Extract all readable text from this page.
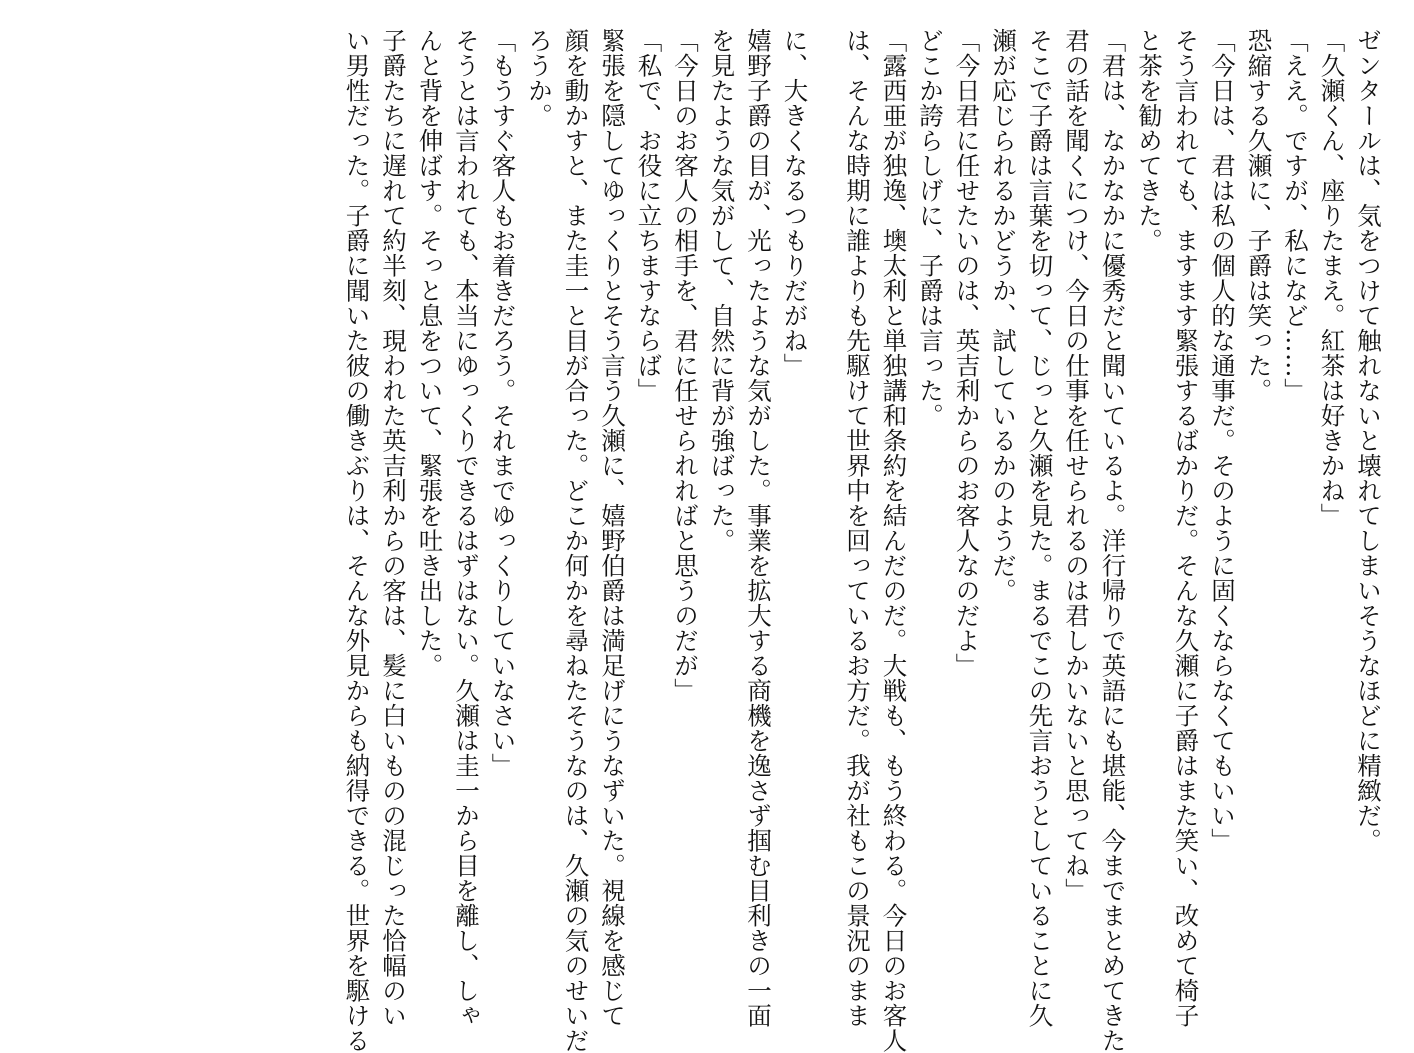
ゼンタールは、気をつけて触れないと壊れてしまいそうなほどに精緻だ。
「久瀬くん、座りたまえ。紅茶は好きかね」
「ええ。ですが、私になど……」
恐縮する久瀬に、子爵は笑った。
「今日は、君は私の個人的な通事だ。そのように固くならなくてもいい」
そう言われても、ますます緊張するばかりだ。そんな久瀬に子爵はまた笑い、改めて椅子
と茶を勧めてきた。
「君は、なかなかに優秀だと聞いているよ。洋行帰りで英語にも堪能、今までまとめてきた
君の話を聞くにつけ、今日の仕事を任せられるのは君しかいないと思ってね」
そこで子爵は言葉を切って、じっと久瀬を見た。まるでこの先言おうとしていることに久
瀬が応じられるかどうか、試しているかのようだ。
「今日君に任せたいのは、英吉利からのお客人なのだよ」
どこか誇らしげに、子爵は言った。
「露西亜が独逸、墺太利と単独講和条約を結んだのだ。大戦も、もう終わる。今日のお客人
は、そんな時期に誰よりも先駆けて世界中を回っているお方だ。我が社もこの景況のまま
に、大きくなるつもりだがね」
嬉野子爵の目が、光ったような気がした。事業を拡大する商機を逸さず掴む目利きの一面
を見たような気がして、自然に背が強ばった。
「今日のお客人の相手を、君に任せられればと思うのだが」
「私で、お役に立ちますならば」
緊張を隠してゆっくりとそう言う久瀬に、嬉野伯爵は満足げにうなずいた。視線を感じて
顔を動かすと、また圭一と目が合った。どこか何かを尋ねたそうなのは、久瀬の気のせいだ
ろうか。
「もうすぐ客人もお着きだろう。それまでゆっくりしていなさい」
そうとは言われても、本当にゆっくりできるはずはない。久瀬は圭一から目を離し、しゃ
んと背を伸ばす。そっと息をついて、緊張を吐き出した。
子爵たちに遅れて約半刻、現われた英吉利からの客は、髪に白いものの混じった恰幅のい
い男性だった。子爵に聞いた彼の働きぶりは、そんな外見からも納得できる。世界を駆ける
